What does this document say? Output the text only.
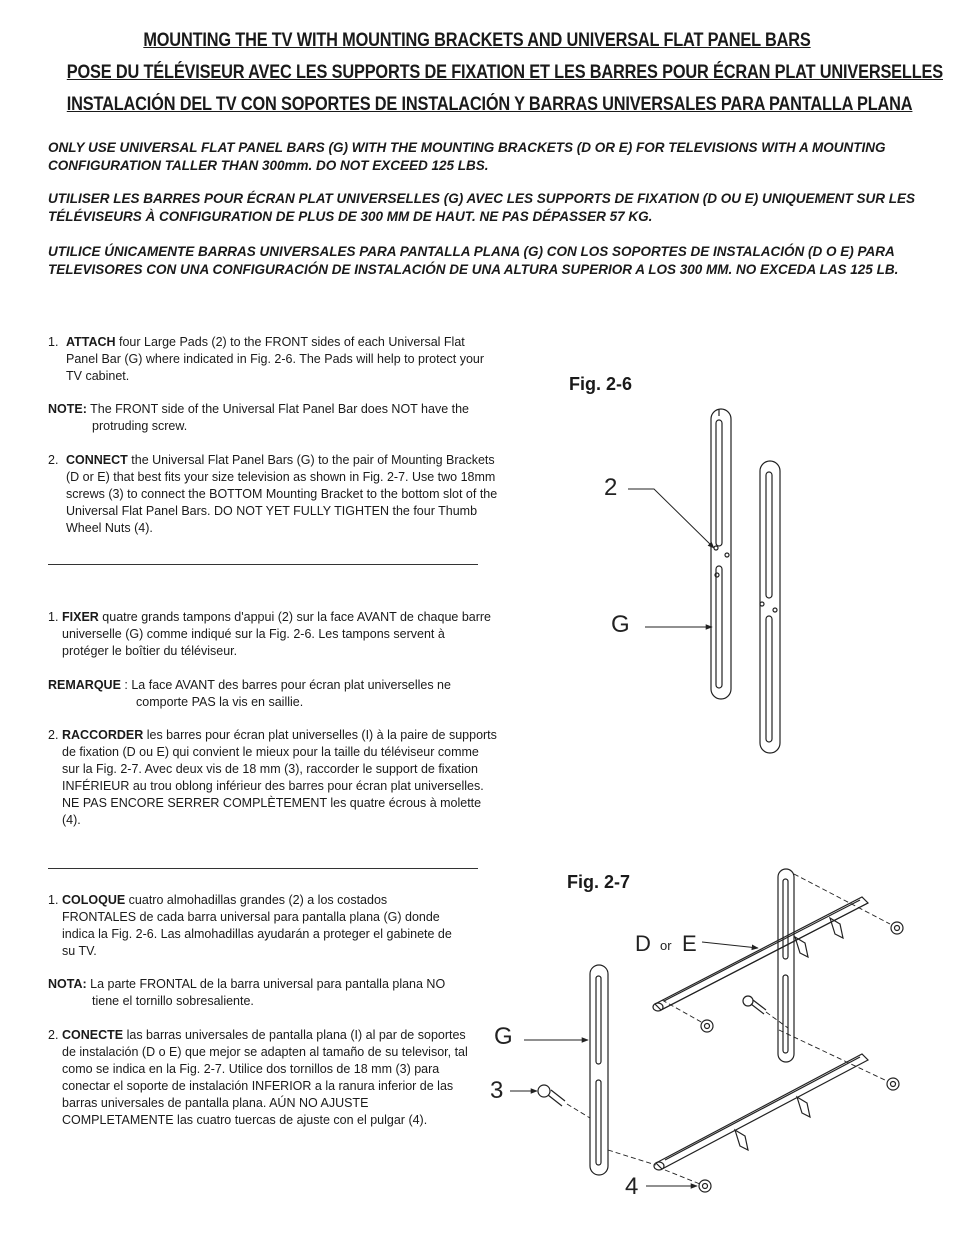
MOUNTING THE TV WITH MOUNTING BRACKETS AND UNIVERSAL FLAT PANEL BARS
POSE DU TÉLÉVISEUR AVEC LES SUPPORTS DE FIXATION ET LES BARRES POUR ÉCRAN PLAT UNIVERSELLES
INSTALACIÓN DEL TV CON SOPORTES DE INSTALACIÓN Y BARRAS UNIVERSALES PARA PANTALLA PLANA

ONLY USE UNIVERSAL FLAT PANEL BARS (G) WITH THE MOUNTING BRACKETS (D OR E) FOR TELEVISIONS WITH A MOUNTING CONFIGURATION TALLER THAN 300mm. DO NOT EXCEED 125 LBS.

UTILISER LES BARRES POUR ÉCRAN PLAT UNIVERSELLES (G) AVEC LES SUPPORTS DE FIXATION (D OU E) UNIQUEMENT SUR LES TÉLÉVISEURS À CONFIGURATION DE PLUS DE 300 MM DE HAUT. NE PAS DÉPASSER 57 KG.

UTILICE ÚNICAMENTE BARRAS UNIVERSALES PARA PANTALLA PLANA (G) CON LOS SOPORTES DE INSTALACIÓN (D O E) PARA TELEVISORES CON UNA CONFIGURACIÓN DE INSTALACIÓN DE UNA ALTURA SUPERIOR A LOS 300 MM. NO EXCEDA LAS 125 LB.

1. ATTACH four Large Pads (2) to the FRONT sides of each Universal Flat Panel Bar (G) where indicated in Fig. 2-6. The Pads will help to protect your TV cabinet.
NOTE: The FRONT side of the Universal Flat Panel Bar does NOT have the protruding screw.
2. CONNECT the Universal Flat Panel Bars (G) to the pair of Mounting Brackets (D or E) that best fits your size television as shown in Fig. 2-7. Use two 18mm screws (3) to connect the BOTTOM Mounting Bracket to the bottom slot of the Universal Flat Panel Bars. DO NOT YET FULLY TIGHTEN the four Thumb Wheel Nuts (4).
1. FIXER quatre grands tampons d'appui (2) sur la face AVANT de chaque barre universelle (G) comme indiqué sur la Fig. 2-6. Les tampons servent à protéger le boîtier du téléviseur.
REMARQUE : La face AVANT des barres pour écran plat universelles ne comporte PAS la vis en saillie.
2. RACCORDER les barres pour écran plat universelles (I) à la paire de supports de fixation (D ou E) qui convient le mieux pour la taille du téléviseur comme sur la Fig. 2-7. Avec deux vis de 18 mm (3), raccorder le support de fixation INFÉRIEUR au trou oblong inférieur des barres pour écran plat universelles. NE PAS ENCORE SERRER COMPLÈTEMENT les quatre écrous à molette (4).
1. COLOQUE cuatro almohadillas grandes (2) a los costados FRONTALES de cada barra universal para pantalla plana (G) donde indica la Fig. 2-6. Las almohadillas ayudarán a proteger el gabinete de su TV.
NOTA: La parte FRONTAL de la barra universal para pantalla plana NO tiene el tornillo sobresaliente.
2. CONECTE las barras universales de pantalla plana (I) al par de soportes de instalación (D o E) que mejor se adapten al tamaño de su televisor, tal como se indica en la Fig. 2-7. Utilice dos tornillos de 18 mm (3) para conectar el soporte de instalación INFERIOR a la ranura inferior de las barras universales de pantalla plana. AÚN NO AJUSTE COMPLETAMENTE las cuatro tuercas de ajuste con el pulgar (4).
Fig. 2-6
2
G
Fig. 2-7
D or E
G
3
4
